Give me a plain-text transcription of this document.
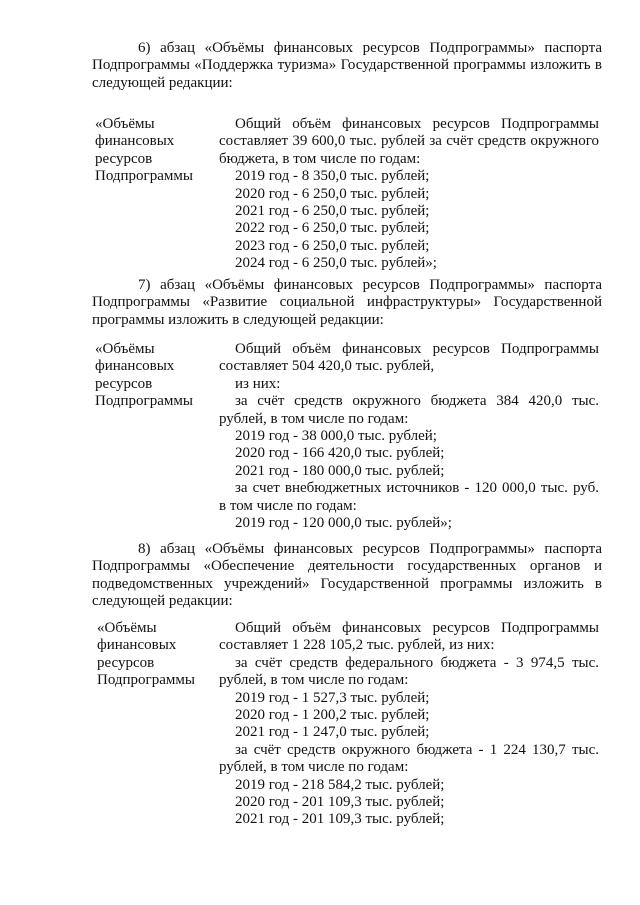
6) абзац «Объёмы финансовых ресурсов Подпрограммы» паспорта Подпрограммы «Поддержка туризма» Государственной программы изложить в следующей редакции:

«Объёмы
финансовых
ресурсов
Подпрограммы
Общий объём финансовых ресурсов Подпрограммы составляет 39 600,0 тыс. рублей за счёт средств окружного бюджета, в том числе по годам:
2019 год - 8 350,0 тыс. рублей;
2020 год - 6 250,0 тыс. рублей;
2021 год - 6 250,0 тыс. рублей;
2022 год - 6 250,0 тыс. рублей;
2023 год - 6 250,0 тыс. рублей;
2024 год - 6 250,0 тыс. рублей»;

7) абзац «Объёмы финансовых ресурсов Подпрограммы» паспорта Подпрограммы «Развитие социальной инфраструктуры» Государственной программы изложить в следующей редакции:

«Объёмы
финансовых
ресурсов
Подпрограммы
Общий объём финансовых ресурсов Подпрограммы составляет 504 420,0 тыс. рублей,
из них:
за счёт средств окружного бюджета 384 420,0 тыс. рублей, в том числе по годам:
2019 год - 38 000,0 тыс. рублей;
2020 год - 166 420,0 тыс. рублей;
2021 год - 180 000,0 тыс. рублей;
за счет внебюджетных источников - 120 000,0 тыс. руб. в том числе по годам:
2019 год - 120 000,0 тыс. рублей»;

8) абзац «Объёмы финансовых ресурсов Подпрограммы» паспорта Подпрограммы «Обеспечение деятельности государственных органов и подведомственных учреждений» Государственной программы изложить в следующей редакции:

«Объёмы
финансовых
ресурсов
Подпрограммы
Общий объём финансовых ресурсов Подпрограммы составляет 1 228 105,2 тыс. рублей, из них:
за счёт средств федерального бюджета - 3 974,5 тыс. рублей, в том числе по годам:
2019 год - 1 527,3 тыс. рублей;
2020 год - 1 200,2 тыс. рублей;
2021 год - 1 247,0 тыс. рублей;
за счёт средств окружного бюджета - 1 224 130,7 тыс. рублей, в том числе по годам:
2019 год - 218 584,2 тыс. рублей;
2020 год - 201 109,3 тыс. рублей;
2021 год - 201 109,3 тыс. рублей;
